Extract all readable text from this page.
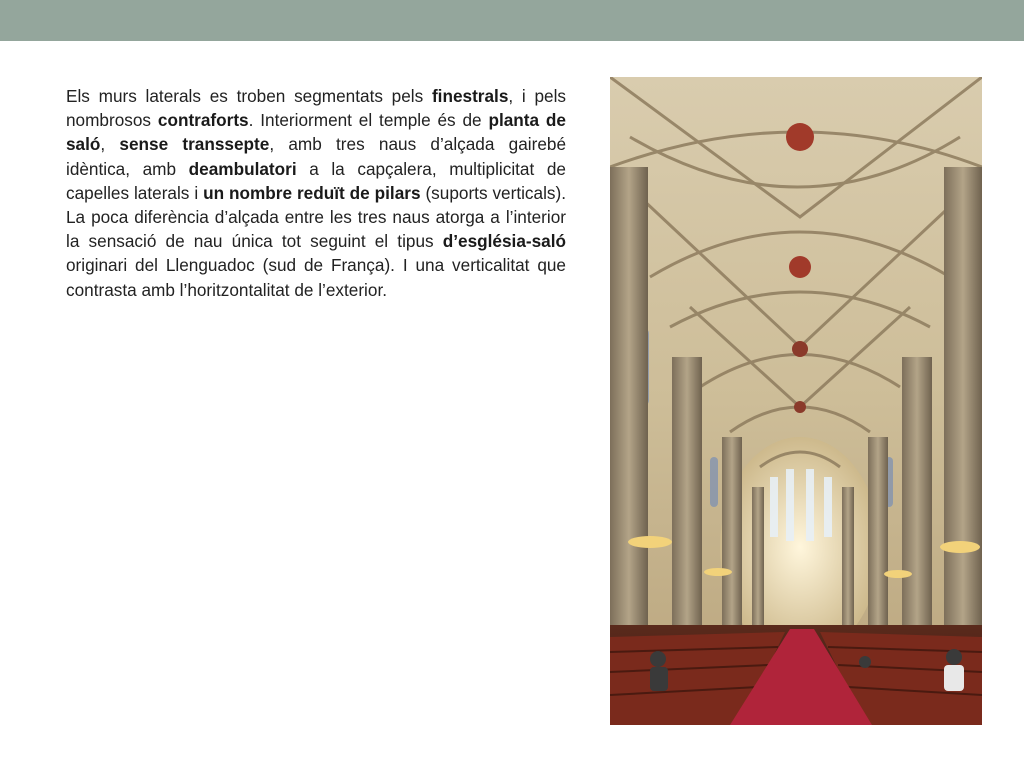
Els murs laterals es troben segmentats pels finestrals, i pels nombrosos contraforts. Interiorment el temple és de planta de saló, sense transsepte, amb tres naus d’alçada gairebé idèntica, amb deambulatori a la capçalera, multiplicitat de capelles laterals i un nombre reduït de pilars (suports verticals). La poca diferència d’alçada entre les tres naus atorga a l’interior la sensació de nau única tot seguint el tipus d’església-saló originari del Llenguadoc (sud de França). I una verticalitat que contrasta amb l’horitzontalitat de l’exterior.
